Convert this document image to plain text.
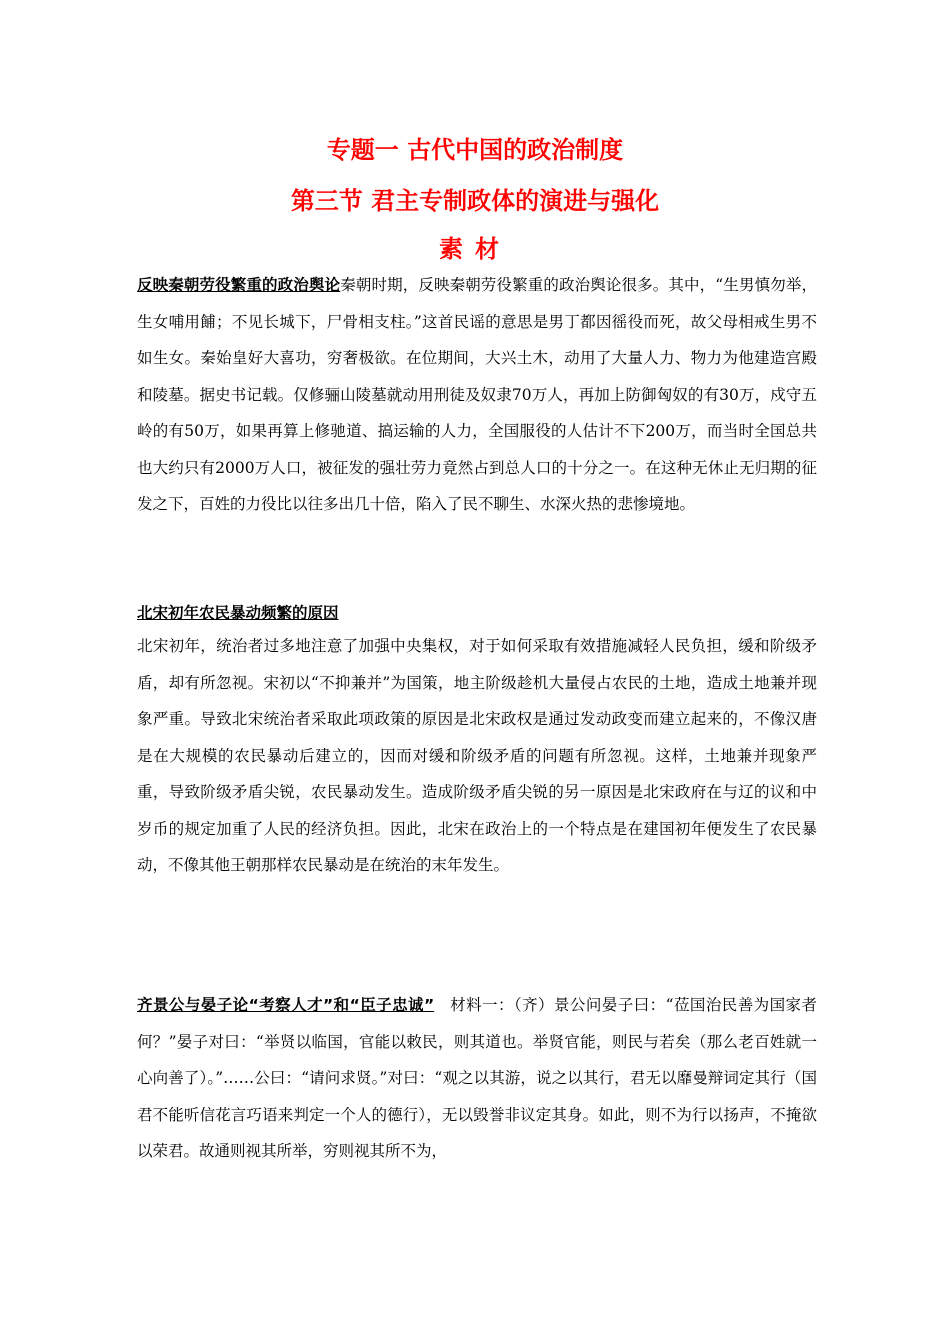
专题一 古代中国的政治制度
第三节 君主专制政体的演进与强化
素材

反映秦朝劳役繁重的政治舆论秦朝时期，反映秦朝劳役繁重的政治舆论很多。其中，“生男慎勿举，生女哺用餔；不见长城下，尸骨相支柱。”这首民谣的意思是男丁都因徭役而死，故父母相戒生男不如生女。秦始皇好大喜功，穷奢极欲。在位期间，大兴土木，动用了大量人力、物力为他建造宫殿和陵墓。据史书记载。仅修骊山陵墓就动用刑徒及奴隶70万人，再加上防御匈奴的有30万，戍守五岭的有50万，如果再算上修驰道、搞运输的人力，全国服役的人估计不下200万，而当时全国总共也大约只有2000万人口，被征发的强壮劳力竟然占到总人口的十分之一。在这种无休止无归期的征发之下，百姓的力役比以往多出几十倍，陷入了民不聊生、水深火热的悲惨境地。

北宋初年农民暴动频繁的原因

北宋初年，统治者过多地注意了加强中央集权，对于如何采取有效措施减轻人民负担，缓和阶级矛盾，却有所忽视。宋初以“不抑兼并”为国策，地主阶级趁机大量侵占农民的土地，造成土地兼并现象严重。导致北宋统治者采取此项政策的原因是北宋政权是通过发动政变而建立起来的，不像汉唐是在大规模的农民暴动后建立的，因而对缓和阶级矛盾的问题有所忽视。这样，土地兼并现象严重，导致阶级矛盾尖锐，农民暴动发生。造成阶级矛盾尖锐的另一原因是北宋政府在与辽的议和中岁币的规定加重了人民的经济负担。因此，北宋在政治上的一个特点是在建国初年便发生了农民暴动，不像其他王朝那样农民暴动是在统治的末年发生。

齐景公与晏子论“考察人才”和“臣子忠诚”  材料一：（齐）景公问晏子曰：“莅国治民善为国家者何？”晏子对曰：“举贤以临国，官能以敕民，则其道也。举贤官能，则民与若矣（那么老百姓就一心向善了）。”……公曰：“请问求贤。”对曰：“观之以其游，说之以其行，君无以靡曼辩词定其行（国君不能听信花言巧语来判定一个人的德行），无以毁誉非议定其身。如此，则不为行以扬声，不掩欲以荣君。故通则视其所举，穷则视其所不为，
